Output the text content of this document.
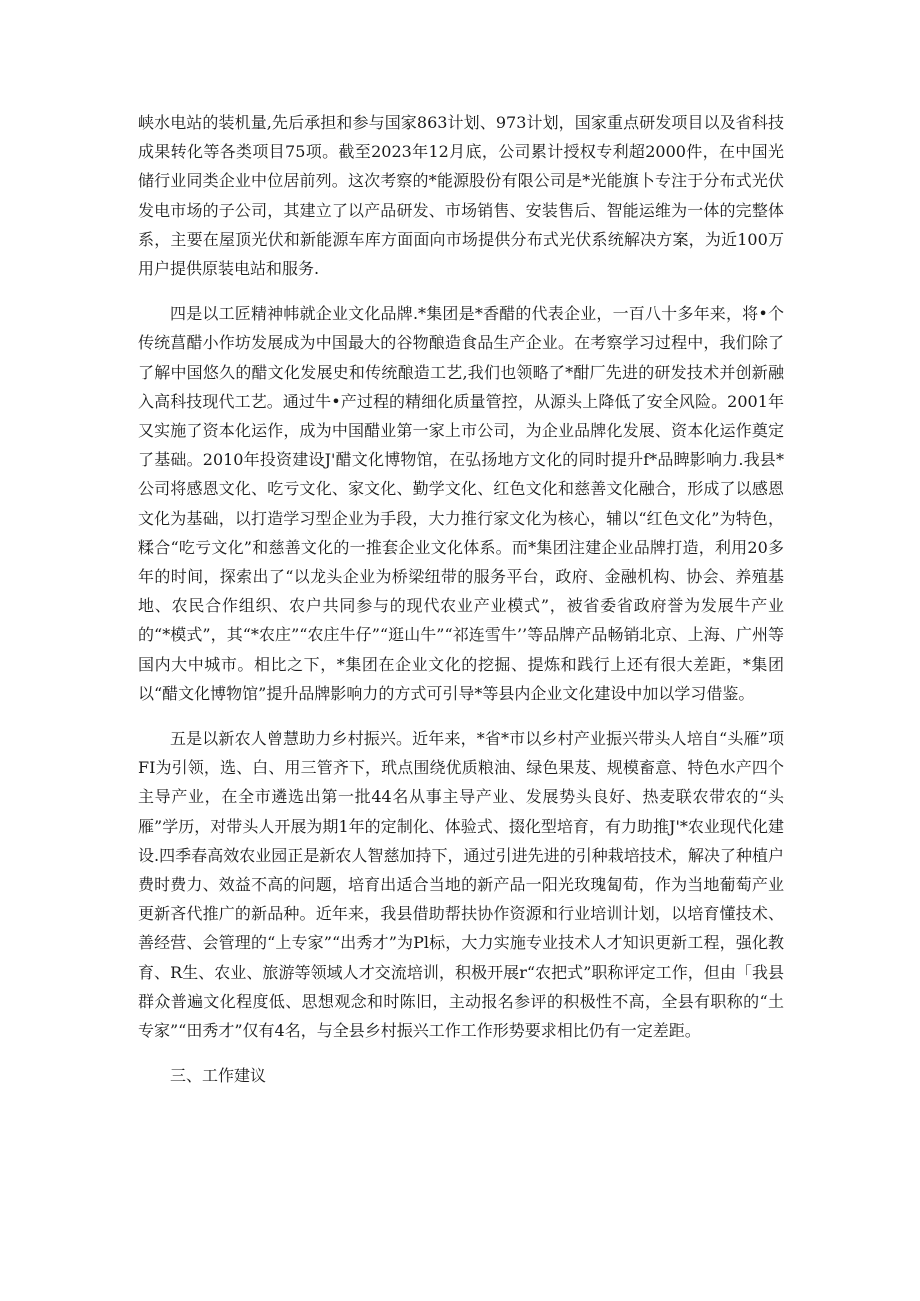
峡水电站的装机量,先后承担和参与国家863计划、973计划，国家重点研发项目以及省科技成果转化等各类项目75项。截至2023年12月底，公司累计授权专利超2000件，在中国光储行业同类企业中位居前列。这次考察的*能源股份有限公司是*光能旗卜专注于分布式光伏发电市场的子公司，其建立了以产品研发、市场销售、安装售后、智能运维为一体的完整体系，主要在屋顶光伏和新能源车库方面面向市场提供分布式光伏系统解决方案，为近100万用户提供原装电站和服务.

四是以工匠精神帏就企业文化品牌.*集团是*香醋的代表企业，一百八十多年来，将•个传统菖醋小作坊发展成为中国最大的谷物酿造食品生产企业。在考察学习过程中，我们除了了解中国悠久的醋文化发展史和传统酿造工艺,我们也领略了*酣厂先进的研发技术并创新融入高科技现代工艺。通过牛•产过程的精细化质量管控，从源头上降低了安全风险。2001年又实施了资本化运作，成为中国醋业第一家上市公司，为企业品牌化发展、资本化运作奠定了基础。2010年投资建设J'醋文化博物馆，在弘扬地方文化的同时提升f*品睥影响力.我县*公司将感恩文化、吃亏文化、家文化、勤学文化、红色文化和慈善文化融合，形成了以感恩文化为基础，以打造学习型企业为手段，大力推行家文化为核心，辅以“红色文化”为特色，糅合“吃亏文化”和慈善文化的一推套企业文化体系。而*集团注建企业品牌打造，利用20多年的时间，探索出了“以龙头企业为桥梁纽带的服务平台，政府、金融机构、协会、养殖基地、农民合作组织、农户共同参与的现代农业产业模式”，被省委省政府誉为发展牛产业的“*模式”，其“*农庄”“农庄牛仔”“逛山牛”“祁连雪牛’’等品牌产品畅销北京、上海、广州等国内大中城市。相比之下，*集团在企业文化的挖掘、提炼和践行上还有很大差距，*集团以“醋文化博物馆”提升品牌影响力的方式可引导*等县内企业文化建设中加以学习借鉴。

五是以新农人曾慧助力乡村振兴。近年来，*省*市以乡村产业振兴带头人培自“头雁”项FI为引领，选、白、用三管齐下，玳点围绕优质粮油、绿色果芨、规模畜意、特色水产四个主导产业，在全市遴选出第一批44名从事主导产业、发展势头良好、热麦联农带农的“头雁”学历，对带头人开展为期1年的定制化、体验式、掇化型培育，有力助推J'*农业现代化建设.四季春高效农业园正是新农人智慈加持下，通过引进先进的引种栽培技术，解决了种植户费时费力、效益不高的问题，培育出适合当地的新产品一阳光玫瑰匐荀，作为当地葡萄产业更新吝代推广的新品种。近年来，我县借助帮扶协作资源和行业培训计划，以培育懂技术、善经营、会管理的“上专家”“出秀才”为Pl标，大力实施专业技术人才知识更新工程，强化教育、R生、农业、旅游等领域人才交流培训，积极开展r“农把式”职称评定工作，但由「我县群众普遍文化程度低、思想观念和时陈旧，主动报名参评的积极性不高，全县有职称的“土专家”“田秀才”仅有4名，与全县乡村振兴工作工作形势要求相比仍有一定差距。

三、工作建议
